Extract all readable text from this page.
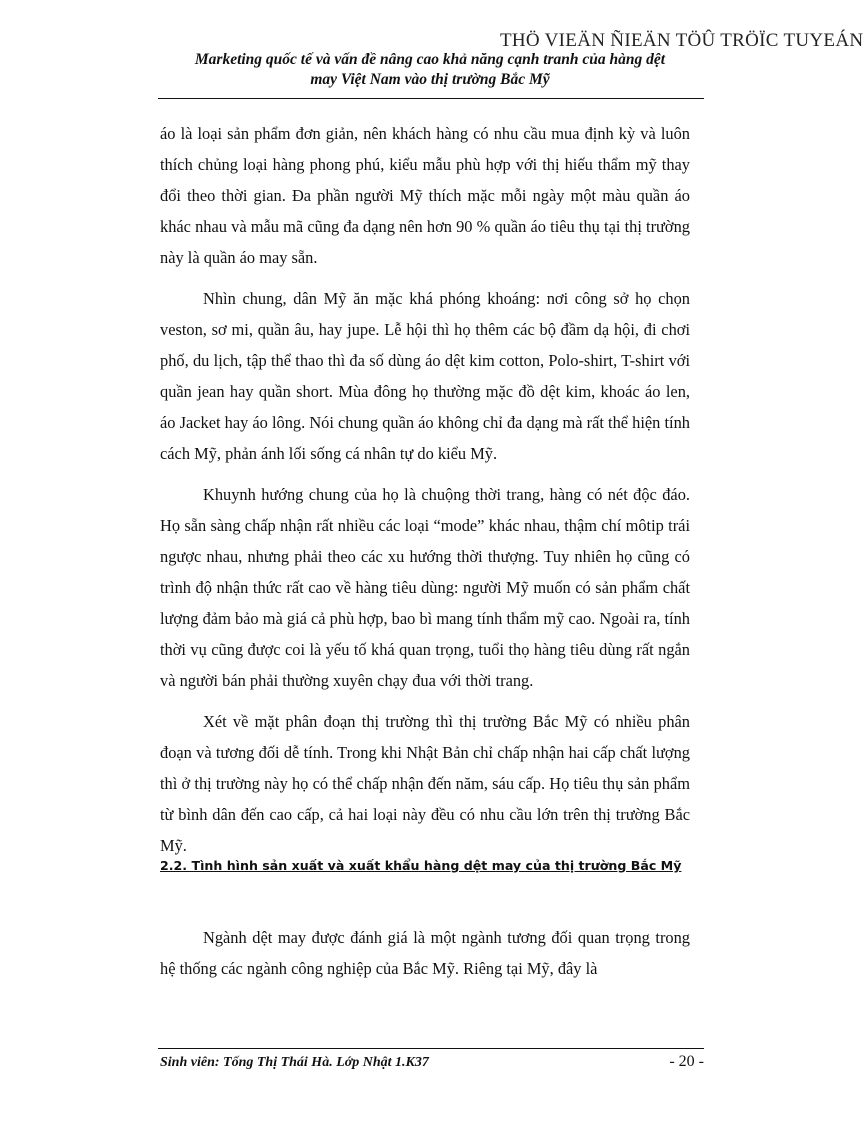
THÖ VIEÄN ÑIEÄN TÖÛ TRÖÏC TUYEÁN
Marketing quốc tế và vấn đề nâng cao khả năng cạnh tranh của hàng dệt
may Việt Nam vào thị trường Bắc Mỹ

áo là loại sản phẩm đơn giản, nên khách hàng có nhu cầu mua định kỳ và luôn thích chủng loại hàng phong phú, kiểu mẫu phù hợp với thị hiếu thẩm mỹ thay đổi theo thời gian. Đa phần người Mỹ thích mặc mỗi ngày một màu quần áo khác nhau và mẫu mã cũng đa dạng nên hơn 90 % quần áo tiêu thụ tại thị trường này là quần áo may sẵn.

Nhìn chung, dân Mỹ ăn mặc khá phóng khoáng: nơi công sở họ chọn veston, sơ mi, quần âu, hay jupe. Lễ hội thì họ thêm các bộ đầm dạ hội, đi chơi phố, du lịch, tập thể thao thì đa số dùng áo dệt kim cotton, Polo-shirt, T-shirt với quần jean hay quần short. Mùa đông họ thường mặc đồ dệt kim, khoác áo len, áo Jacket hay áo lông. Nói chung quần áo không chỉ đa dạng mà rất thể hiện tính cách Mỹ, phản ánh lối sống cá nhân tự do kiểu Mỹ.

Khuynh hướng chung của họ là chuộng thời trang, hàng có nét độc đáo. Họ sẵn sàng chấp nhận rất nhiều các loại “mode” khác nhau, thậm chí môtip trái ngược nhau, nhưng phải theo các xu hướng thời thượng. Tuy nhiên họ cũng có trình độ nhận thức rất cao về hàng tiêu dùng: người Mỹ muốn có sản phẩm chất lượng đảm bảo mà giá cả phù hợp, bao bì mang tính thẩm mỹ cao. Ngoài ra, tính thời vụ cũng được coi là yếu tố khá quan trọng, tuổi thọ hàng tiêu dùng rất ngắn và người bán phải thường xuyên chạy đua với thời trang.

Xét về mặt phân đoạn thị trường thì thị trường Bắc Mỹ có nhiều phân đoạn và tương đối dễ tính. Trong khi Nhật Bản chỉ chấp nhận hai cấp chất lượng thì ở thị trường này họ có thể chấp nhận đến năm, sáu cấp. Họ tiêu thụ sản phẩm từ bình dân đến cao cấp, cả hai loại này đều có nhu cầu lớn trên thị trường Bắc Mỹ.

2.2. Tình hình sản xuất và xuất khẩu hàng dệt may của thị trường Bắc Mỹ

Ngành dệt may được đánh giá là một ngành tương đối quan trọng trong hệ thống các ngành công nghiệp của Bắc Mỹ. Riêng tại Mỹ, đây là

Sinh viên: Tống Thị Thái Hà. Lớp Nhật 1.K37	- 20 -
